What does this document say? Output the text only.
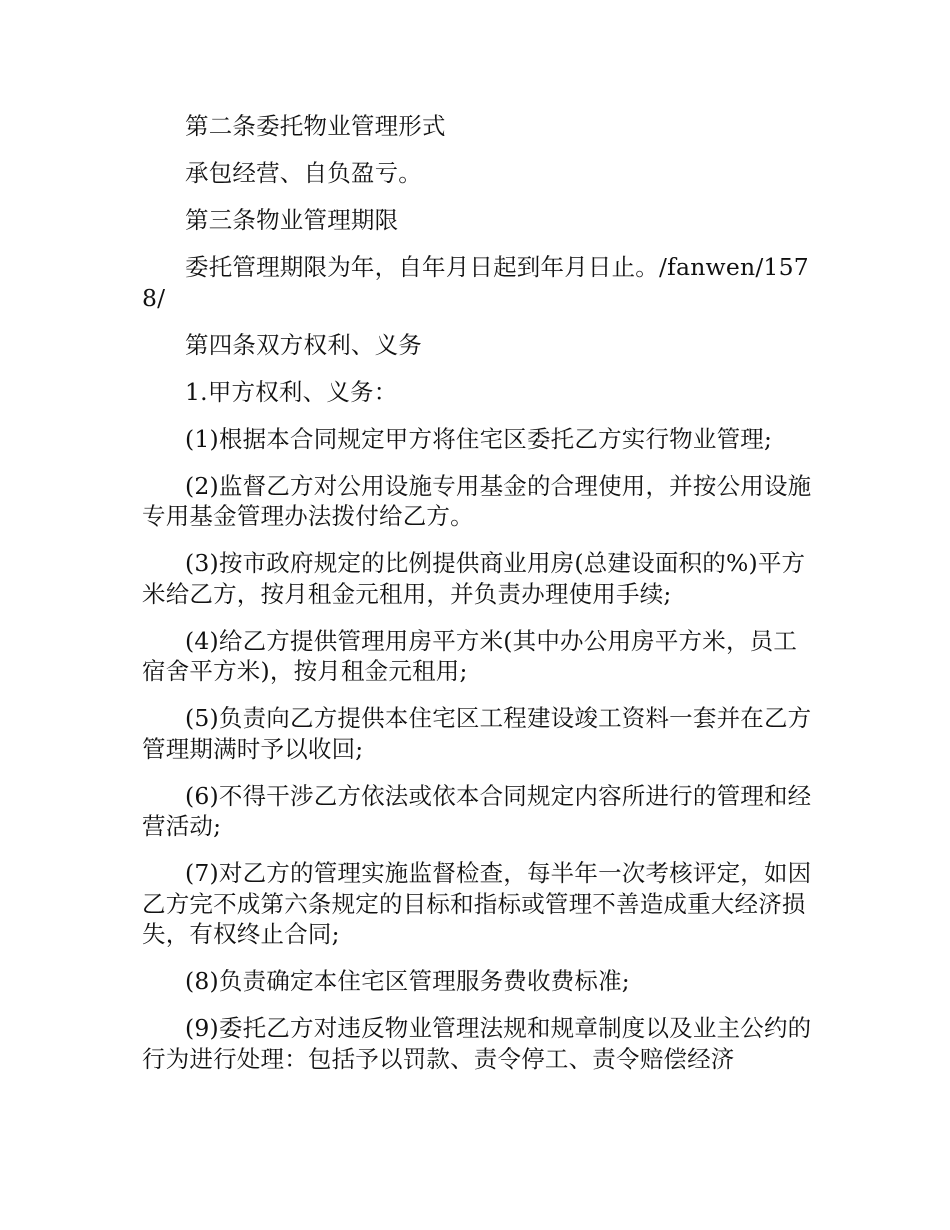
第二条委托物业管理形式

承包经营、自负盈亏。

第三条物业管理期限

委托管理期限为年，自年月日起到年月日止。/fanwen/1578/

第四条双方权利、义务

1.甲方权利、义务：

(1)根据本合同规定甲方将住宅区委托乙方实行物业管理;

(2)监督乙方对公用设施专用基金的合理使用，并按公用设施专用基金管理办法拨付给乙方。

(3)按市政府规定的比例提供商业用房(总建设面积的%)平方米给乙方，按月租金元租用，并负责办理使用手续;

(4)给乙方提供管理用房平方米(其中办公用房平方米，员工宿舍平方米)，按月租金元租用;

(5)负责向乙方提供本住宅区工程建设竣工资料一套并在乙方管理期满时予以收回;

(6)不得干涉乙方依法或依本合同规定内容所进行的管理和经营活动;

(7)对乙方的管理实施监督检查，每半年一次考核评定，如因乙方完不成第六条规定的目标和指标或管理不善造成重大经济损失，有权终止合同;

(8)负责确定本住宅区管理服务费收费标准;

(9)委托乙方对违反物业管理法规和规章制度以及业主公约的行为进行处理：包括予以罚款、责令停工、责令赔偿经济
